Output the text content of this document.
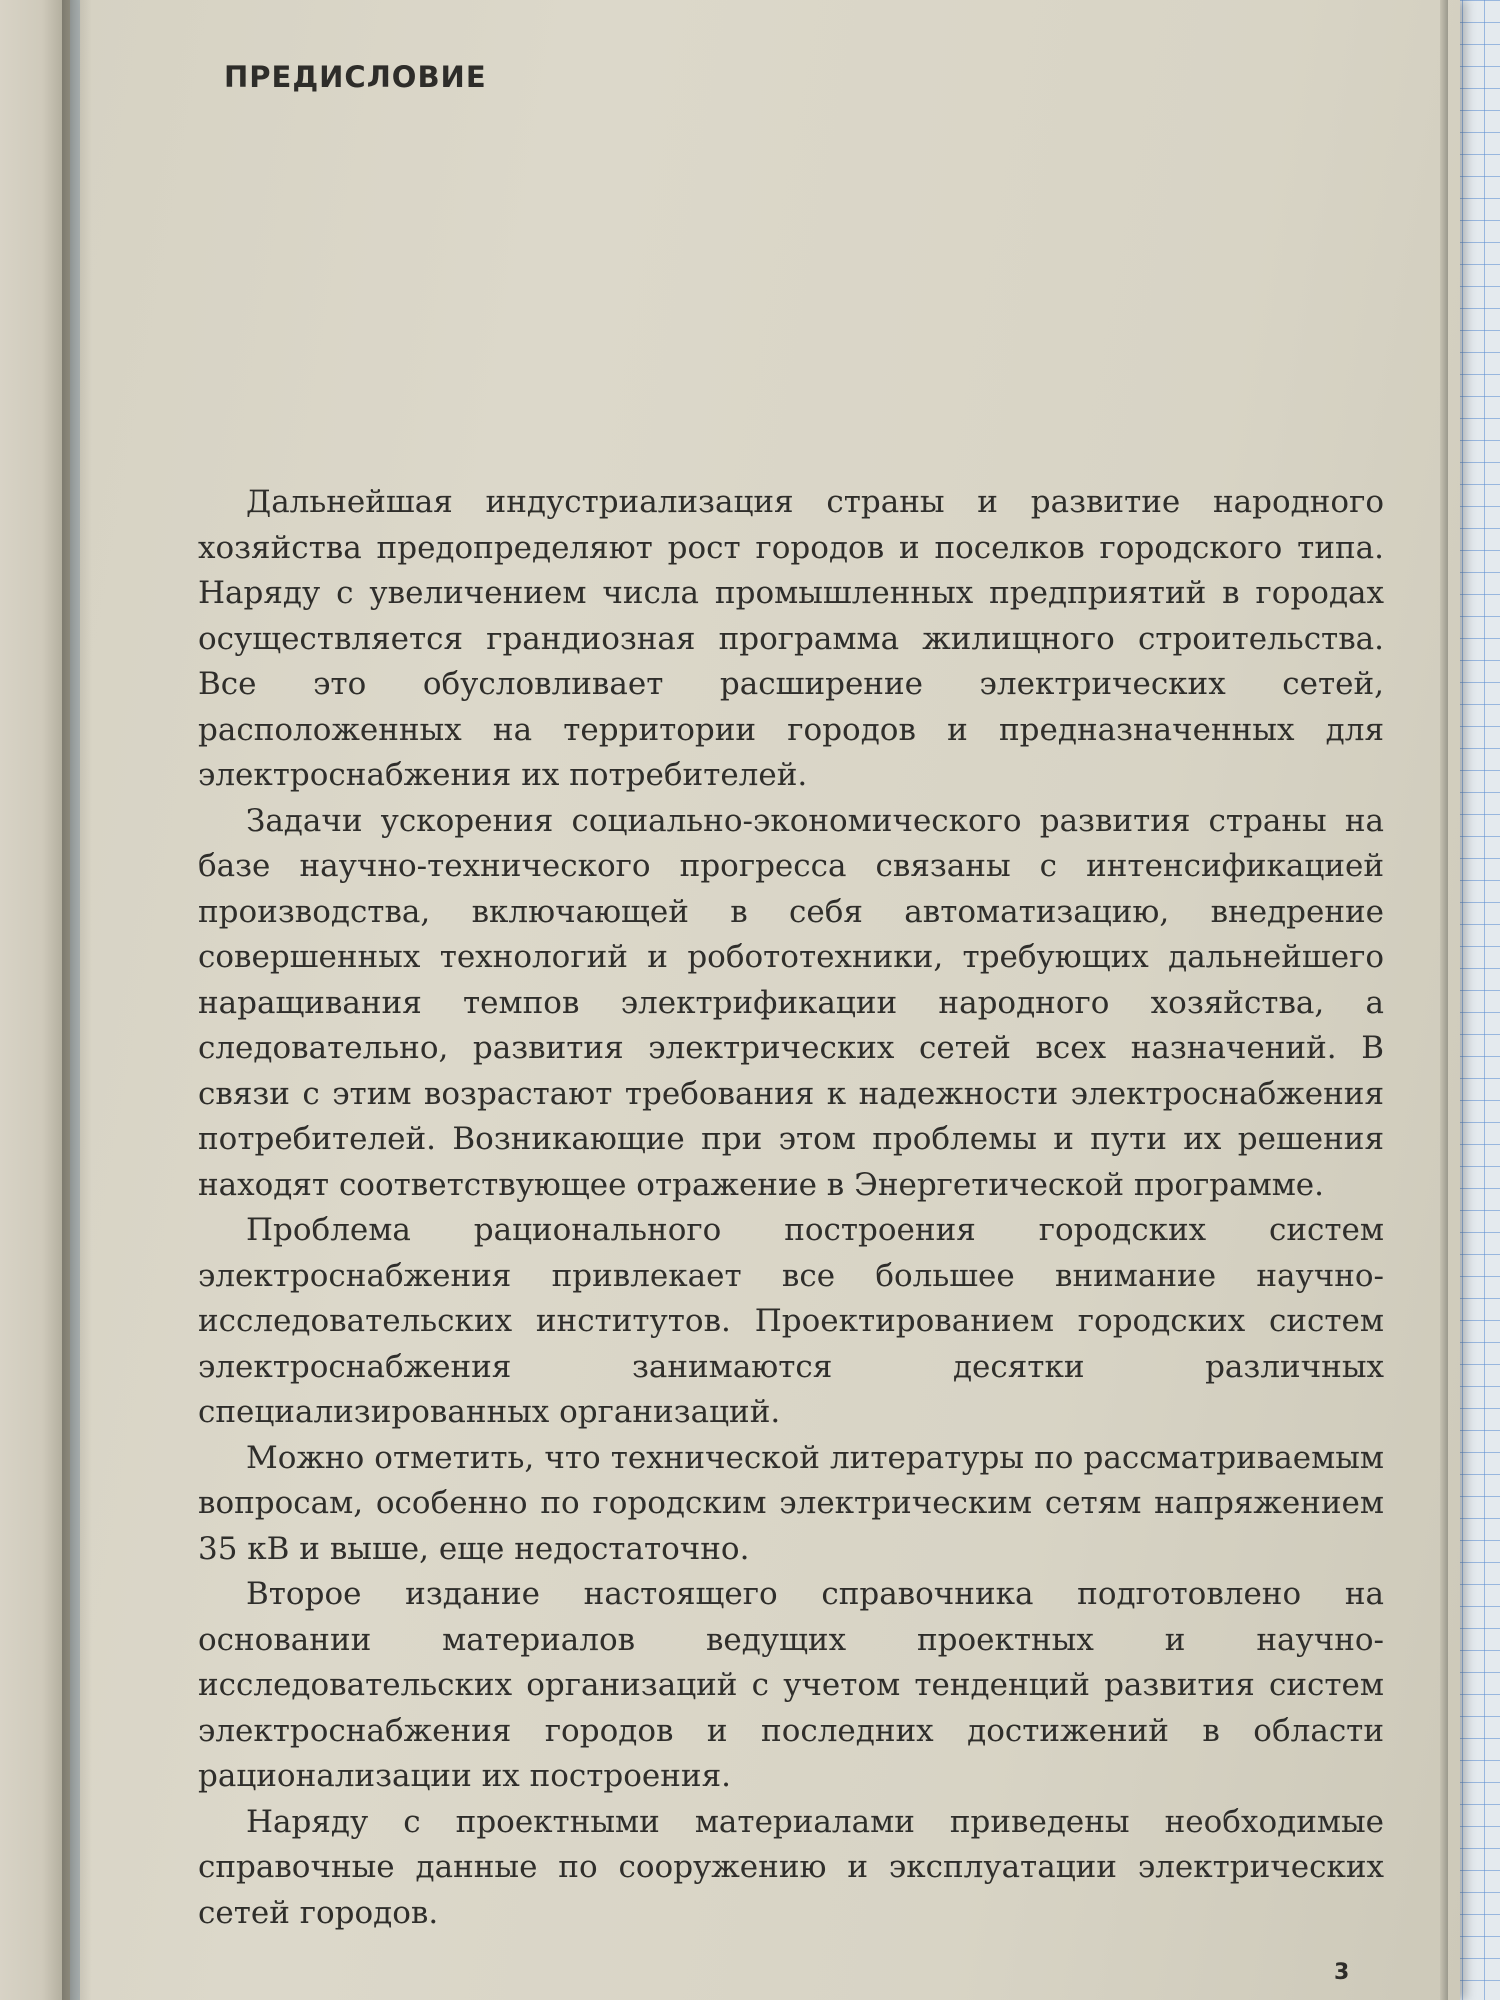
ПРЕДИСЛОВИЕ

Дальнейшая индустриализация страны и развитие народного хозяйства предопределяют рост городов и поселков городского типа. Наряду с увеличением числа промышленных предприятий в городах осуществляется грандиозная программа жилищного строительства. Все это обусловливает расширение электрических сетей, расположенных на территории городов и предназначенных для электроснабжения их потребителей.

Задачи ускорения социально-экономического развития страны на базе научно-технического прогресса связаны с интенсификацией производства, включающей в себя автоматизацию, внедрение совершенных технологий и робототехники, требующих дальнейшего наращивания темпов электрификации народного хозяйства, а следовательно, развития электрических сетей всех назначений. В связи с этим возрастают требования к надежности электроснабжения потребителей. Возникающие при этом проблемы и пути их решения находят соответствующее отражение в Энергетической программе.

Проблема рационального построения городских систем электроснабжения привлекает все большее внимание научно-исследовательских институтов. Проектированием городских систем электроснабжения занимаются десятки различных специализированных организаций.

Можно отметить, что технической литературы по рассматриваемым вопросам, особенно по городским электрическим сетям напряжением 35 кВ и выше, еще недостаточно.

Второе издание настоящего справочника подготовлено на основании материалов ведущих проектных и научно-исследовательских организаций с учетом тенденций развития систем электроснабжения городов и последних достижений в области рационализации их построения.

Наряду с проектными материалами приведены необходимые справочные данные по сооружению и эксплуатации электрических сетей городов.

3
